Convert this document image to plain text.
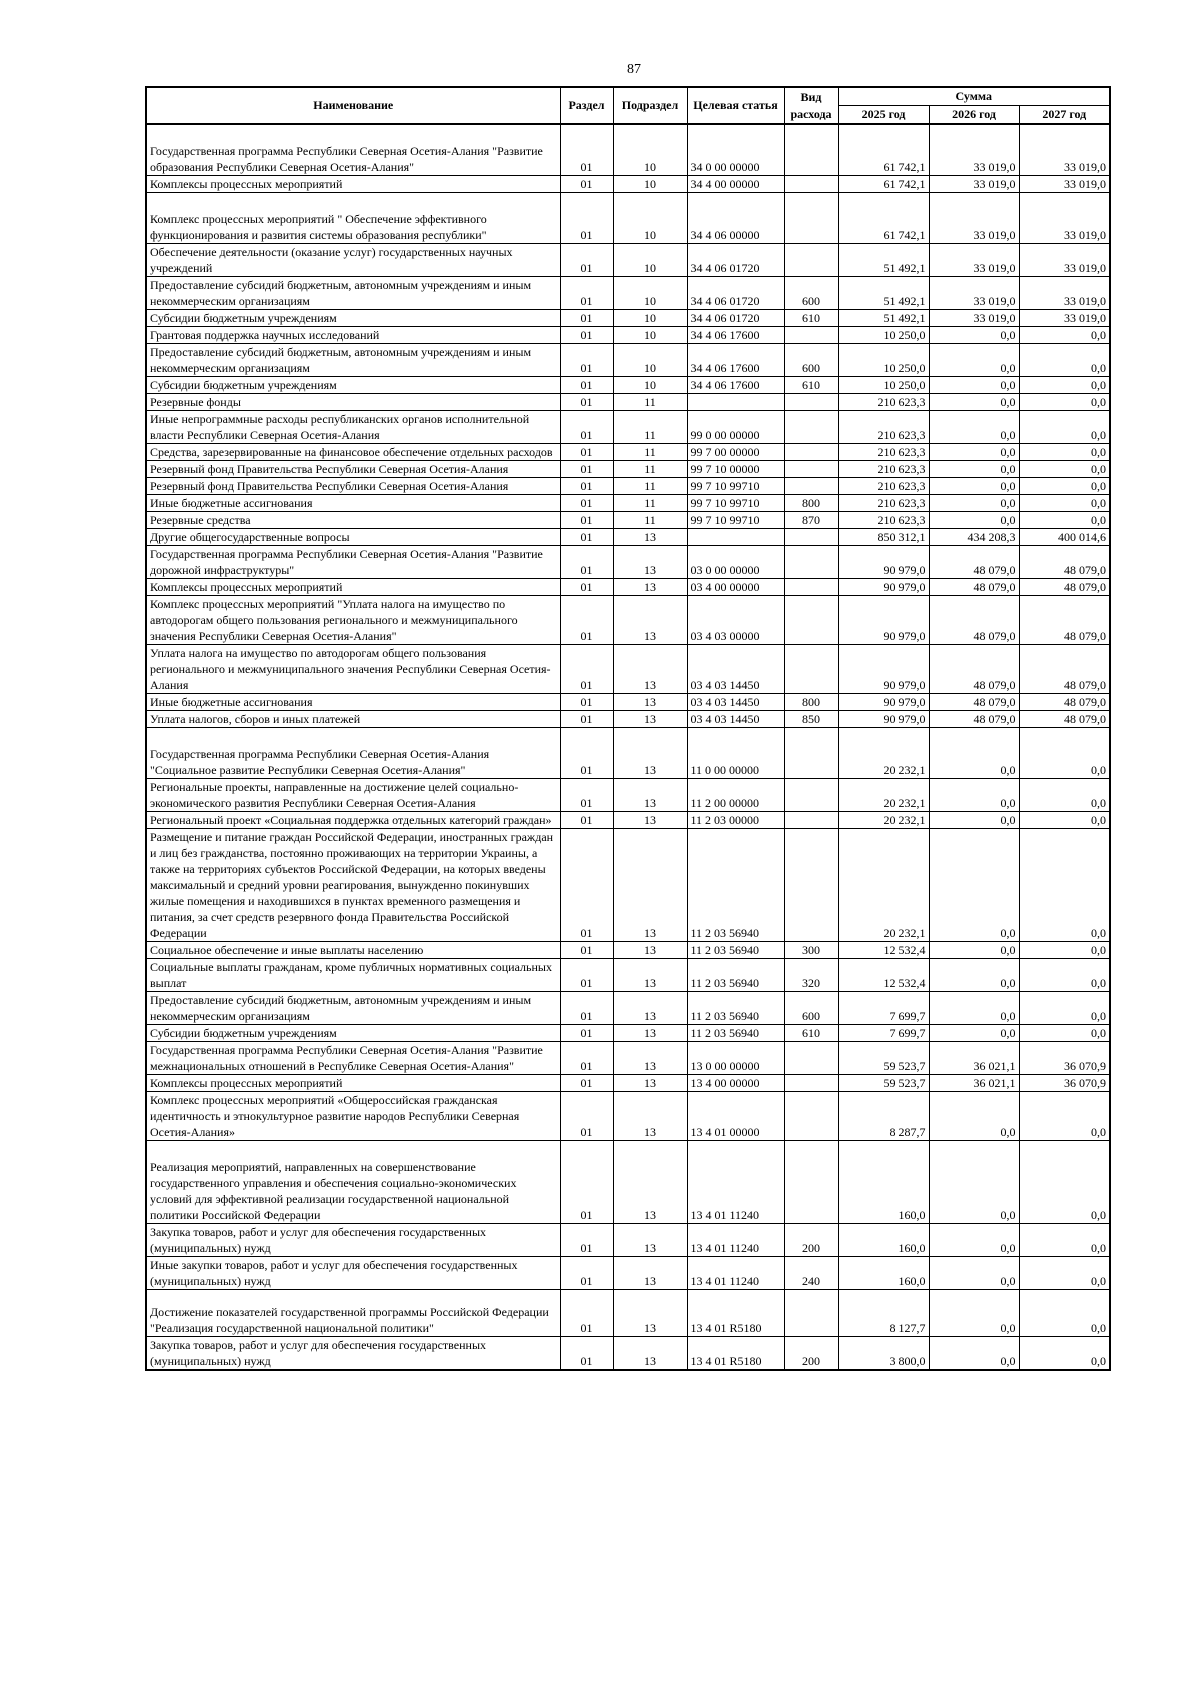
87
Наименование	Раздел	Подраздел	Целевая статья	Вид расхода	Сумма		
					2025 год	2026 год	2027 год
Государственная программа Республики Северная Осетия-Алания "Развитие образования Республики Северная Осетия-Алания"	01	10	34 0 00 00000		61 742,1	33 019,0	33 019,0
Комплексы процессных мероприятий	01	10	34 4 00 00000		61 742,1	33 019,0	33 019,0
Комплекс процессных мероприятий " Обеспечение эффективного функционирования и развития системы образования республики"	01	10	34 4 06 00000		61 742,1	33 019,0	33 019,0
Обеспечение деятельности (оказание услуг) государственных научных учреждений	01	10	34 4 06 01720		51 492,1	33 019,0	33 019,0
Предоставление субсидий бюджетным, автономным учреждениям и иным некоммерческим организациям	01	10	34 4 06 01720	600	51 492,1	33 019,0	33 019,0
Субсидии бюджетным учреждениям	01	10	34 4 06 01720	610	51 492,1	33 019,0	33 019,0
Грантовая поддержка научных исследований	01	10	34 4 06 17600		10 250,0	0,0	0,0
Предоставление субсидий бюджетным, автономным учреждениям и иным некоммерческим организациям	01	10	34 4 06 17600	600	10 250,0	0,0	0,0
Субсидии бюджетным учреждениям	01	10	34 4 06 17600	610	10 250,0	0,0	0,0
Резервные фонды	01	11			210 623,3	0,0	0,0
Иные непрограммные расходы республиканских органов исполнительной власти Республики Северная Осетия-Алания	01	11	99 0 00 00000		210 623,3	0,0	0,0
Средства, зарезервированные на финансовое обеспечение отдельных расходов	01	11	99 7 00 00000		210 623,3	0,0	0,0
Резервный фонд Правительства Республики Северная Осетия-Алания	01	11	99 7 10 00000		210 623,3	0,0	0,0
Резервный фонд Правительства Республики Северная Осетия-Алания	01	11	99 7 10 99710		210 623,3	0,0	0,0
Иные бюджетные ассигнования	01	11	99 7 10 99710	800	210 623,3	0,0	0,0
Резервные средства	01	11	99 7 10 99710	870	210 623,3	0,0	0,0
Другие общегосударственные вопросы	01	13			850 312,1	434 208,3	400 014,6
Государственная программа Республики Северная Осетия-Алания "Развитие дорожной инфраструктуры"	01	13	03 0 00 00000		90 979,0	48 079,0	48 079,0
Комплексы процессных мероприятий	01	13	03 4 00 00000		90 979,0	48 079,0	48 079,0
Комплекс процессных мероприятий "Уплата налога на имущество по автодорогам общего пользования регионального и межмуниципального значения Республики Северная Осетия-Алания"	01	13	03 4 03 00000		90 979,0	48 079,0	48 079,0
Уплата налога на имущество по автодорогам общего пользования регионального и межмуниципального значения Республики Северная Осетия-Алания	01	13	03 4 03 14450		90 979,0	48 079,0	48 079,0
Иные бюджетные ассигнования	01	13	03 4 03 14450	800	90 979,0	48 079,0	48 079,0
Уплата налогов, сборов и иных платежей	01	13	03 4 03 14450	850	90 979,0	48 079,0	48 079,0
Государственная программа Республики Северная Осетия-Алания "Социальное развитие Республики Северная Осетия-Алания"	01	13	11 0 00 00000		20 232,1	0,0	0,0
Региональные проекты, направленные на достижение целей социально-экономического развития Республики Северная Осетия-Алания	01	13	11 2 00 00000		20 232,1	0,0	0,0
Региональный проект «Социальная поддержка отдельных категорий граждан»	01	13	11 2 03 00000		20 232,1	0,0	0,0
Размещение и питание граждан Российской Федерации, иностранных граждан и лиц без гражданства, постоянно проживающих на территории Украины, а также на территориях субъектов Российской Федерации, на которых введены максимальный и средний уровни реагирования, вынужденно покинувших жилые помещения и находившихся в пунктах временного размещения и питания, за счет средств резервного фонда Правительства Российской Федерации	01	13	11 2 03 56940		20 232,1	0,0	0,0
Социальное обеспечение и иные выплаты населению	01	13	11 2 03 56940	300	12 532,4	0,0	0,0
Социальные выплаты гражданам, кроме публичных нормативных социальных выплат	01	13	11 2 03 56940	320	12 532,4	0,0	0,0
Предоставление субсидий бюджетным, автономным учреждениям и иным некоммерческим организациям	01	13	11 2 03 56940	600	7 699,7	0,0	0,0
Субсидии бюджетным учреждениям	01	13	11 2 03 56940	610	7 699,7	0,0	0,0
Государственная программа Республики Северная Осетия-Алания "Развитие межнациональных отношений в Республике Северная Осетия-Алания"	01	13	13 0 00 00000		59 523,7	36 021,1	36 070,9
Комплексы процессных мероприятий	01	13	13 4 00 00000		59 523,7	36 021,1	36 070,9
Комплекс процессных мероприятий «Общероссийская гражданская идентичность и этнокультурное развитие народов Республики Северная Осетия-Алания»	01	13	13 4 01 00000		8 287,7	0,0	0,0
Реализация мероприятий, направленных на совершенствование государственного управления и обеспечения социально-экономических условий для эффективной реализации государственной национальной политики Российской Федерации	01	13	13 4 01 11240		160,0	0,0	0,0
Закупка товаров, работ и услуг для обеспечения государственных (муниципальных) нужд	01	13	13 4 01 11240	200	160,0	0,0	0,0
Иные закупки товаров, работ и услуг для обеспечения государственных (муниципальных) нужд	01	13	13 4 01 11240	240	160,0	0,0	0,0
Достижение показателей государственной программы Российской Федерации "Реализация государственной национальной политики"	01	13	13 4 01 R5180		8 127,7	0,0	0,0
Закупка товаров, работ и услуг для обеспечения государственных (муниципальных) нужд	01	13	13 4 01 R5180	200	3 800,0	0,0	0,0
